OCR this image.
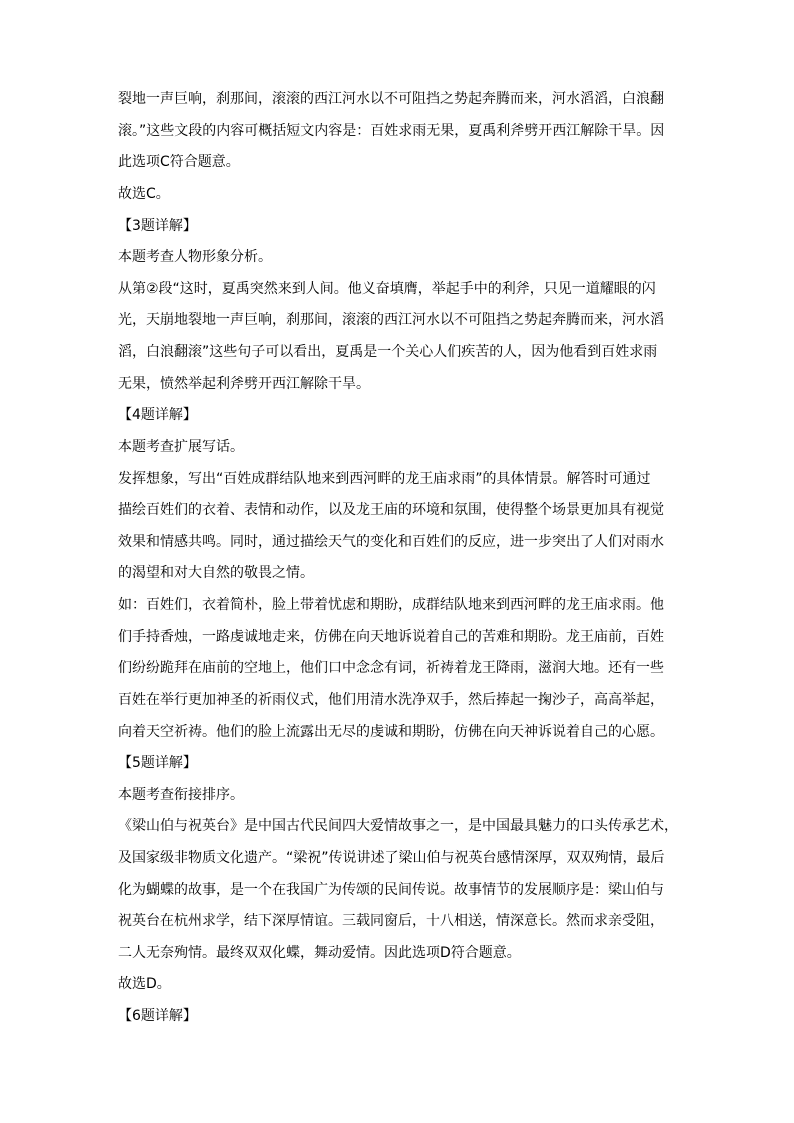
裂地一声巨响，刹那间，滚滚的西江河水以不可阻挡之势起奔腾而来，河水滔滔，白浪翻
滚。”这些文段的内容可概括短文内容是：百姓求雨无果，夏禹利斧劈开西江解除干旱。因
此选项C符合题意。
故选C。
【3题详解】
本题考查人物形象分析。
从第②段“这时，夏禹突然来到人间。他义奋填膺，举起手中的利斧，只见一道耀眼的闪
光，天崩地裂地一声巨响，刹那间，滚滚的西江河水以不可阻挡之势起奔腾而来，河水滔
滔，白浪翻滚”这些句子可以看出，夏禹是一个关心人们疾苦的人，因为他看到百姓求雨
无果，愤然举起利斧劈开西江解除干旱。
【4题详解】
本题考查扩展写话。
发挥想象，写出“百姓成群结队地来到西河畔的龙王庙求雨”的具体情景。解答时可通过
描绘百姓们的衣着、表情和动作，以及龙王庙的环境和氛围，使得整个场景更加具有视觉
效果和情感共鸣。同时，通过描绘天气的变化和百姓们的反应，进一步突出了人们对雨水
的渴望和对大自然的敬畏之情。
如：百姓们，衣着简朴，脸上带着忧虑和期盼，成群结队地来到西河畔的龙王庙求雨。他
们手持香烛，一路虔诚地走来，仿佛在向天地诉说着自己的苦难和期盼。龙王庙前，百姓
们纷纷跪拜在庙前的空地上，他们口中念念有词，祈祷着龙王降雨，滋润大地。还有一些
百姓在举行更加神圣的祈雨仪式，他们用清水洗净双手，然后捧起一掬沙子，高高举起，
向着天空祈祷。他们的脸上流露出无尽的虔诚和期盼，仿佛在向天神诉说着自己的心愿。
【5题详解】
本题考查衔接排序。
《梁山伯与祝英台》是中国古代民间四大爱情故事之一，是中国最具魅力的口头传承艺术，
及国家级非物质文化遗产。“梁祝”传说讲述了梁山伯与祝英台感情深厚，双双殉情，最后
化为蝴蝶的故事，是一个在我国广为传颂的民间传说。故事情节的发展顺序是：梁山伯与
祝英台在杭州求学，结下深厚情谊。三载同窗后，十八相送，情深意长。然而求亲受阻，
二人无奈殉情。最终双双化蝶，舞动爱情。因此选项D符合题意。
故选D。
【6题详解】
